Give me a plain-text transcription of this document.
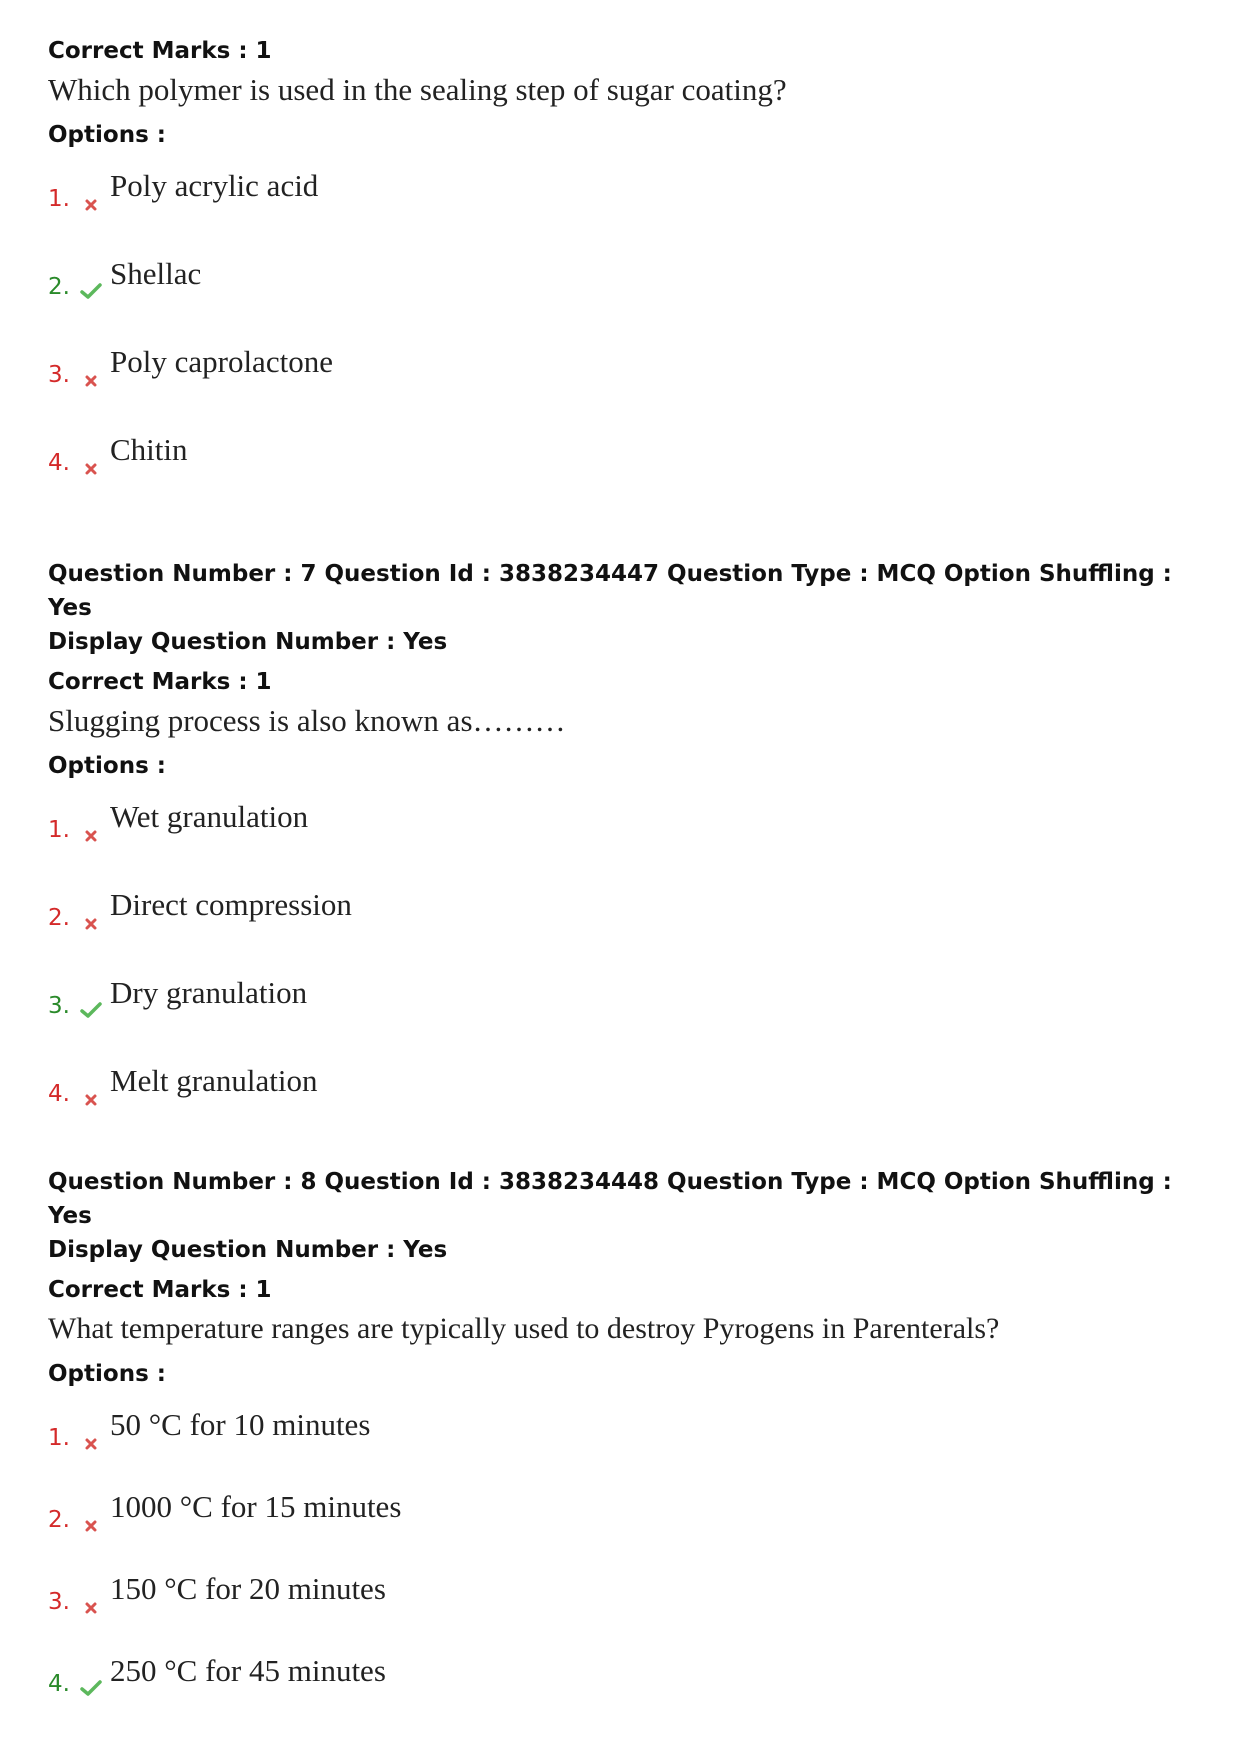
Correct Marks : 1
Which polymer is used in the sealing step of sugar coating?
Options :
1. Poly acrylic acid
2. Shellac
3. Poly caprolactone
4. Chitin
Question Number : 7 Question Id : 3838234447 Question Type : MCQ Option Shuffling : Yes
Display Question Number : Yes
Correct Marks : 1
Slugging process is also known as………
Options :
1. Wet granulation
2. Direct compression
3. Dry granulation
4. Melt granulation
Question Number : 8 Question Id : 3838234448 Question Type : MCQ Option Shuffling : Yes
Display Question Number : Yes
Correct Marks : 1
What temperature ranges are typically used to destroy Pyrogens in Parenterals?
Options :
1. 50 °C for 10 minutes
2. 1000 °C for 15 minutes
3. 150 °C for 20 minutes
4. 250 °C for 45 minutes
